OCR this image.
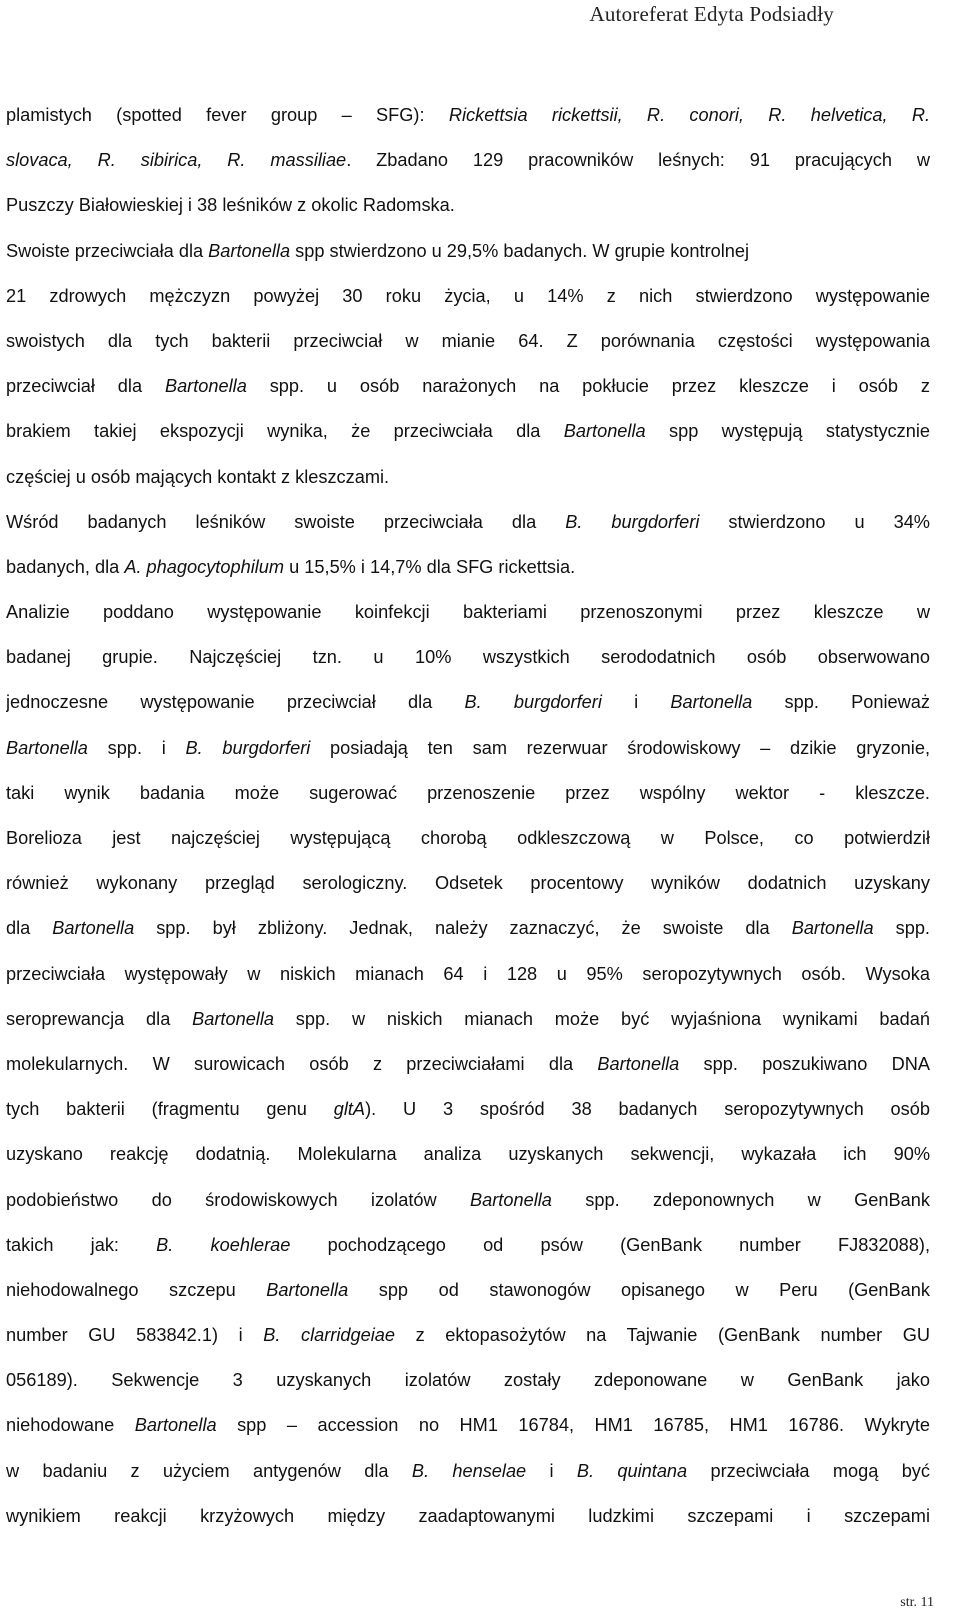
Autoreferat Edyta Podsiadły
plamistych (spotted fever group – SFG): Rickettsia rickettsii, R. conori, R. helvetica, R.
slovaca, R. sibirica, R. massiliae. Zbadano 129 pracowników leśnych: 91 pracujących w
Puszczy Białowieskiej i 38 leśników z okolic Radomska.
Swoiste przeciwciała dla Bartonella spp stwierdzono u 29,5% badanych. W grupie kontrolnej
21 zdrowych mężczyzn powyżej 30 roku życia, u 14% z nich stwierdzono występowanie
swoistych dla tych bakterii przeciwciał w mianie 64. Z porównania częstości występowania
przeciwciał dla Bartonella spp. u osób narażonych na pokłucie przez kleszcze i osób z
brakiem takiej ekspozycji wynika, że przeciwciała dla Bartonella spp występują statystycznie
częściej u osób mających kontakt z kleszczami.
Wśród badanych leśników swoiste przeciwciała dla B. burgdorferi stwierdzono u 34%
badanych, dla A. phagocytophilum u 15,5% i 14,7% dla SFG rickettsia.
Analizie poddano występowanie koinfekcji bakteriami przenoszonymi przez kleszcze w
badanej grupie. Najczęściej tzn. u 10% wszystkich serododatnich osób obserwowano
jednoczesne występowanie przeciwciał dla B. burgdorferi i Bartonella spp. Ponieważ
Bartonella spp. i B. burgdorferi posiadają ten sam rezerwuar środowiskowy – dzikie gryzonie,
taki wynik badania może sugerować przenoszenie przez wspólny wektor - kleszcze.
Borelioza jest najczęściej występującą chorobą odkleszczową w Polsce, co potwierdził
również wykonany przegląd serologiczny. Odsetek procentowy wyników dodatnich uzyskany
dla Bartonella spp. był zbliżony. Jednak, należy zaznaczyć, że swoiste dla Bartonella spp.
przeciwciała występowały w niskich mianach 64 i 128 u 95% seropozytywnych osób. Wysoka
seroprewancja dla Bartonella spp. w niskich mianach może być wyjaśniona wynikami badań
molekularnych. W surowicach osób z przeciwciałami dla Bartonella spp. poszukiwano DNA
tych bakterii (fragmentu genu gltA). U 3 spośród 38 badanych seropozytywnych osób
uzyskano reakcję dodatnią. Molekularna analiza uzyskanych sekwencji, wykazała ich 90%
podobieństwo do środowiskowych izolatów Bartonella spp. zdeponownych w GenBank
takich jak: B. koehlerae pochodzącego od psów (GenBank number FJ832088),
niehodowalnego szczepu Bartonella spp od stawonogów opisanego w Peru (GenBank
number GU 583842.1) i B. clarridgeiae z ektopasożytów na Tajwanie (GenBank number GU
056189). Sekwencje 3 uzyskanych izolatów zostały zdeponowane w GenBank jako
niehodowane Bartonella spp – accession no HM1 16784, HM1 16785, HM1 16786. Wykryte
w badaniu z użyciem antygenów dla B. henselae i B. quintana przeciwciała mogą być
wynikiem reakcji krzyżowych między zaadaptowanymi ludzkimi szczepami i szczepami
str. 11
